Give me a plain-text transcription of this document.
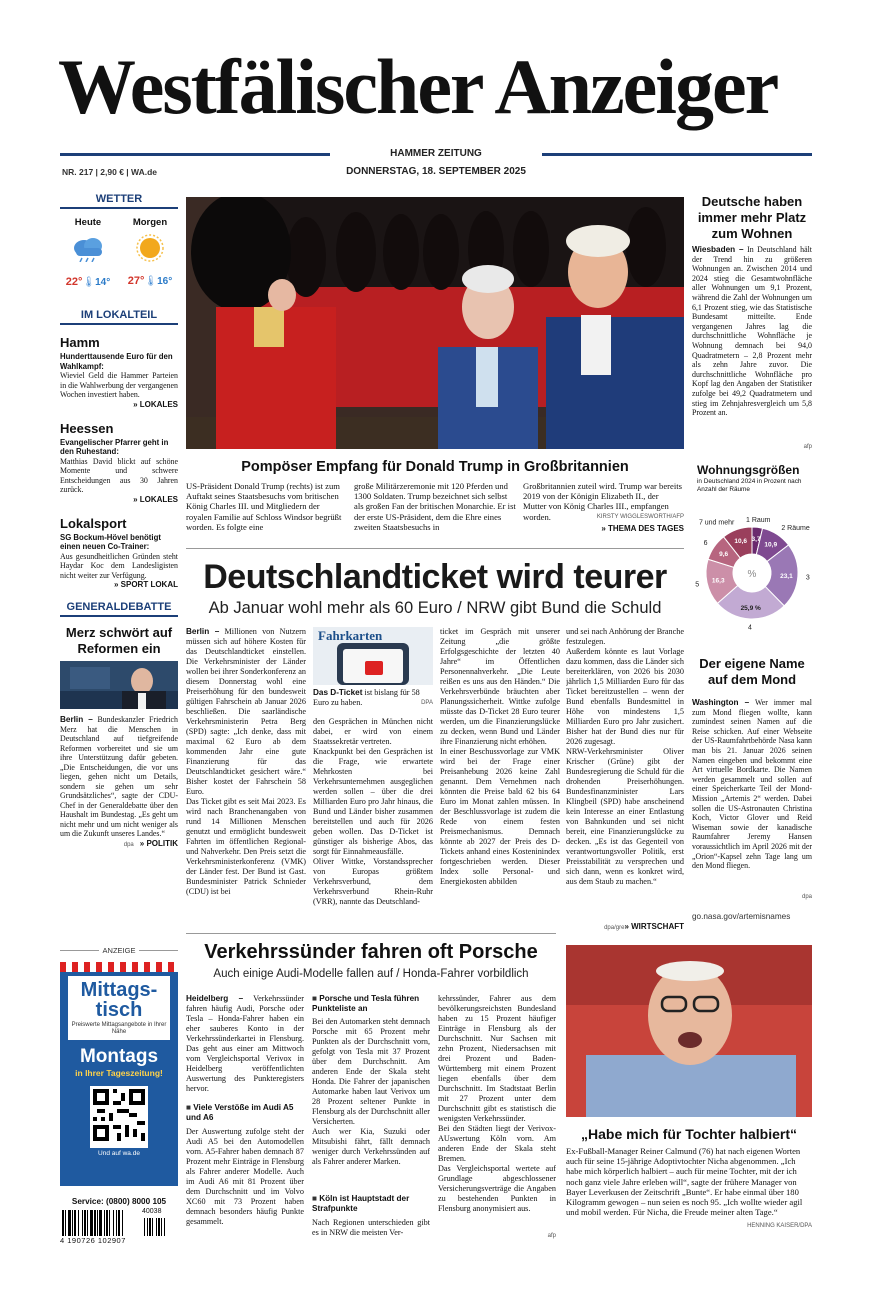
Westfälischer Anzeiger
HAMMER ZEITUNG
DONNERSTAG, 18. SEPTEMBER 2025
NR. 217 | 2,90 € | WA.de
WETTER
Heute
22°🌡14°
Morgen
27°🌡16°
IM LOKALTEIL
Hamm
Hunderttausende Euro für den Wahlkampf:
Wieviel Geld die Hammer Parteien in die Wahlwerbung der vergangenen Wochen investiert haben.
» LOKALES
Heessen
Evangelischer Pfarrer geht in den Ruhestand:
Matthias David blickt auf schöne Momente und schwere Entscheidungen aus 30 Jahren zurück.
» LOKALES
Lokalsport
SG Bockum-Hövel benötigt einen neuen Co-Trainer:
Aus gesundheitlichen Gründen steht Haydar Koc dem Landesligisten nicht weiter zur Verfügung.
» SPORT LOKAL
GENERALDEBATTE
Merz schwört auf Reformen ein
Berlin – Bundeskanzler Friedrich Merz hat die Menschen in Deutschland auf tiefgreifende Reformen vorbereitet und sie um ihre Unterstützung dafür gebeten. „Die Entscheidungen, die vor uns liegen, gehen nicht um Details, sondern sie gehen um sehr Grundsätzliches“, sagte der CDU-Chef in der Generaldebatte über den Haushalt im Bundestag. „Es geht um nicht mehr und um nicht weniger als um die Zukunft unseres Landes.“
dpa » POLITIK
Pompöser Empfang für Donald Trump in Großbritannien
US-Präsident Donald Trump (rechts) ist zum Auftakt seines Staatsbesuchs vom britischen König Charles III. und Mitgliedern der royalen Familie auf Schloss Windsor begrüßt worden. Es folgte eine
große Militärzeremonie mit 120 Pferden und 1300 Soldaten. Trump bezeichnet sich selbst als großen Fan der britischen Monarchie. Er ist der erste US-Präsident, dem die Ehre eines zweiten Staatsbesuchs in
Großbritannien zuteil wird. Trump war bereits 2019 von der Königin Elizabeth II., der Mutter von König Charles III., empfangen worden.	KIRSTY WIGGLESWORTH/AFP
» THEMA DES TAGES
Deutsche haben immer mehr Platz zum Wohnen
Wiesbaden – In Deutschland hält der Trend hin zu größeren Wohnungen an. Zwischen 2014 und 2024 stieg die Gesamtwohnfläche aller Wohnungen um 9,1 Prozent, während die Zahl der Wohnungen um 6,1 Prozent stieg, wie das Statistische Bundesamt mitteilte. Ende vergangenen Jahres lag die durchschnittliche Wohnfläche je Wohnung demnach bei 94,0 Quadratmetern – 2,8 Prozent mehr als zehn Jahre zuvor. Die durchschnittliche Wohnfläche pro Kopf lag den Angaben der Statistiker zufolge bei 49,2 Quadratmetern und stieg im Zehnjahresvergleich um 5,8 Prozent an.
afp
Wohnungsgrößen
in Deutschland 2024 in Prozent nach Anzahl der Räume
%
3,7
1 Raum
10,9
2 Räume
23,1 3
25,9 %
4
16,3
5
9,6
6	10,6
7 und mehr
Deutschlandticket wird teurer
Ab Januar wohl mehr als 60 Euro / NRW gibt Bund die Schuld
Berlin – Millionen von Nutzern müssen sich auf höhere Kosten für das Deutschlandticket einstellen. Die Verkehrsminister der Länder wollen bei ihrer Sonderkonferenz an diesem Donnerstag wohl eine Preiserhöhung für den bundesweit gültigen Fahrschein ab Januar 2026 beschließen. Die saarländische Verkehrsministerin Petra Berg (SPD) sagte: „Ich denke, dass mit maximal 62 Euro ab dem kommenden Jahr eine gute Finanzierung für das Deutschlandticket gesichert wäre.“ Bisher kostet der Fahrschein 58 Euro.
Das Ticket gibt es seit Mai 2023. Es wird nach Branchenangaben von rund 14 Millionen Menschen genutzt und ermöglicht bundesweit Fahrten im öffentlichen Regional- und Nahverkehr. Den Preis setzt die Verkehrsministerkonferenz (VMK) der Länder fest. Der Bund ist Gast. Bundesminister Patrick Schnieder (CDU) ist bei
Fahrkarten
Das D-Ticket ist bislang für 58 Euro zu haben.	DPA
den Gesprächen in München nicht dabei, er wird von einem Staatssekretär vertreten.
Knackpunkt bei den Gesprächen ist die Frage, wie erwartete Mehrkosten bei Verkehrsunternehmen ausgeglichen werden sollen – über die drei Milliarden Euro pro Jahr hinaus, die Bund und Länder bisher zusammen bereitstellen und auch für 2026 geben wollen. Das D-Ticket ist günstiger als bisherige Abos, das sorgt für Einnahmeausfälle.
Oliver Wittke, Vorstandssprecher von Europas größtem Verkehrsverbund, dem Verkehrsverbund Rhein-Ruhr (VRR), nannte das Deutschland-
ticket im Gespräch mit unserer Zeitung „die größte Erfolgsgeschichte der letzten 40 Jahre“ im Öffentlichen Personennahverkehr. „Die Leute reißen es uns aus den Händen.“ Die Verkehrsverbünde bräuchten aber Planungssicherheit. Wittke zufolge müsste das D-Ticket 28 Euro teurer werden, um die Finanzierungslücke zu decken, wenn Bund und Länder ihre Finanzierung nicht erhöhen.
In einer Beschussvorlage zur VMK wird bei der Frage einer Preisanhebung 2026 keine Zahl genannt. Dem Vernehmen nach könnten die Preise bald 62 bis 64 Euro im Monat zahlen müssen. In der Beschlussvorlage ist zudem die Rede von einem festen Preismechanismus. Demnach könnte ab 2027 der Preis des D-Tickets anhand eines Kosteninindex fortgeschrieben werden. Dieser Index solle Personal- und Energiekosten abbilden
und sei nach Anhörung der Branche festzulegen.
Außerdem könnte es laut Vorlage dazu kommen, dass die Länder sich bereiterklären, von 2026 bis 2030 jährlich 1,5 Milliarden Euro für das Ticket bereitzustellen – wenn der Bund ebenfalls Bundesmittel in Höhe von mindestens 1,5 Milliarden Euro pro Jahr zusichert. Bisher hat der Bund dies nur für 2026 zugesagt.
NRW-Verkehrsminister Oliver Krischer (Grüne) gibt der Bundesregierung die Schuld für die drohenden Preiserhöhungen. Bundesfinanzminister Lars Klingbeil (SPD) habe anscheinend kein Interesse an einer Entlastung von Bahnkunden und sei nicht bereit, eine Finanzierungslücke zu decken. „Es ist das Gegenteil von verantwortungsvoller Politik, erst Preisstabilität zu versprechen und sich dann, wenn es konkret wird, aus dem Staub zu machen.“
dpa/gre» WIRTSCHAFT
Der eigene Name auf dem Mond
Washington – Wer immer mal zum Mond fliegen wollte, kann zumindest seinen Namen auf die Reise schicken. Auf einer Webseite der US-Raumfahrtbehörde Nasa kann man bis 21. Januar 2026 seinen Namen eingeben und bekommt eine Art virtuelle Bordkarte. Die Namen werden gesammelt und sollen auf einer Speicherkarte Teil der Mond-Mission „Artemis 2“ werden. Dabei sollen die US-Astronauten Christina Koch, Victor Glover und Reid Wiseman sowie der kanadische Raumfahrer Jeremy Hansen voraussichtlich im April 2026 mit der „Orion“-Kapsel zehn Tage lang um den Mond fliegen.
dpa
go.nasa.gov/artemisnames
ANZEIGE
Mittags-
tisch
Preiswerte Mittagsangebote in Ihrer Nähe
Montags
in Ihrer Tageszeitung!
Und auf wa.de
Service: (0800) 8000 105
40038
4 190726 102907
Verkehrssünder fahren oft Porsche
Auch einige Audi-Modelle fallen auf / Honda-Fahrer vorbildlich
Heidelberg – Verkehrssünder fahren häufig Audi, Porsche oder Tesla – Honda-Fahrer haben ein eher sauberes Konto in der Verkehrssünderkartei in Flensburg. Das geht aus einer am Mittwoch vom Vergleichsportal Verivox in Heidelberg veröffentlichten Auswertung des Punkteregisters hervor.
■ Viele Verstöße im Audi A5 und A6
Der Auswertung zufolge steht der Audi A5 bei den Automodellen vorn. A5-Fahrer haben demnach 87 Prozent mehr Einträge in Flensburg als Fahrer anderer Modelle. Auch im Audi A6 mit 81 Prozent über dem Durchschnitt und im Volvo XC60 mit 73 Prozent haben demnach besonders häufig Punkte gesammelt.
■ Porsche und Tesla führen Punkteliste an
Bei den Automarken steht demnach Porsche mit 65 Prozent mehr Punkten als der Durchschnitt vorn, gefolgt von Tesla mit 37 Prozent über dem Durchschnitt. Am anderen Ende der Skala steht Honda. Die Fahrer der japanischen Automarke haben laut Verivox um 28 Prozent seltener Punkte in Flensburg als der Durchschnitt aller Versicherten.
Auch wer Kia, Suzuki oder Mitsubishi fährt, fällt demnach weniger durch Verkehrssünden auf als Fahrer anderer Marken.
■ Köln ist Hauptstadt der Strafpunkte
Nach Regionen unterschieden gibt es in NRW die meisten Ver-
kehrssünder, Fahrer aus dem bevölkerungsreichsten Bundesland haben zu 15 Prozent häufiger Einträge in Flensburg als der Durchschnitt. Nur Sachsen mit zehn Prozent, Niedersachsen mit drei Prozent und Baden-Württemberg mit einem Prozent liegen ebenfalls über dem Durchschnitt. Im Stadtstaat Berlin mit 27 Prozent unter dem Durchschnitt gibt es statistisch die wenigsten Verkehrssünder.
Bei den Städten liegt der Verivox-AUswertung Köln vorn. Am anderen Ende der Skala steht Bremen.
Das Vergleichsportal wertete auf Grundlage abgeschlossener Versicherungsverträge die Angaben zu bestehenden Punkten in Flensburg anonymisiert aus.
afp
„Habe mich für Tochter halbiert“
Ex-Fußball-Manager Reiner Calmund (76) hat nach eigenen Worten auch für seine 15-jährige Adoptivtochter Nicha abgenommen. „Ich habe mich körperlich halbiert – auch für meine Tochter, mit der ich noch ganz viele Jahre erleben will“, sagte der frühere Manager von Bayer Leverkusen der Zeitschrift „Bunte“. Er habe einmal über 180 Kilogramm gewogen – nun seien es noch 95. „Ich wollte wieder agil und mobil werden. Für Nicha, die Freude meiner alten Tage.“
HENNING KAISER/DPA
